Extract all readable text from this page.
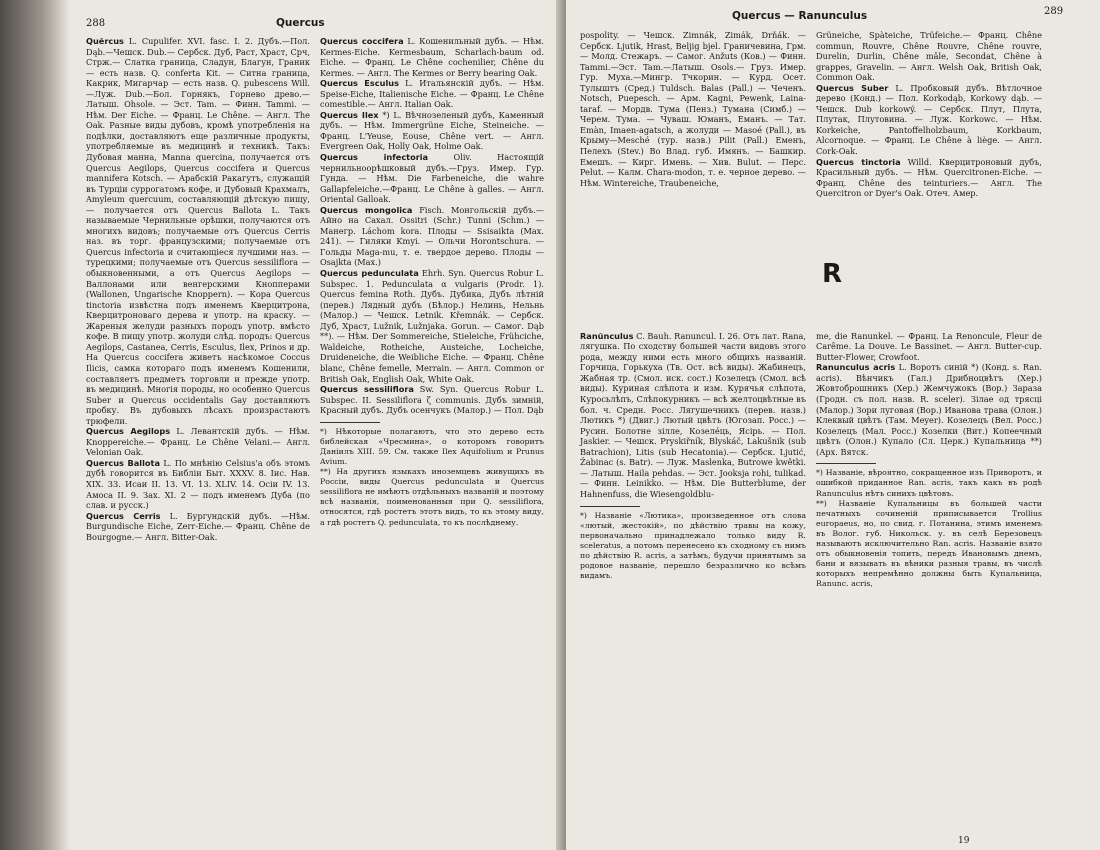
288	Quercus

Quĕrcus L. Cupulifer. XVI. fasc. I. 2. Дубъ.—Пол. Dąb.—Чешск. Dub.— Сербск. Дуб, Раст, Храст, Срч, Стрж.— Слатка граница, Сладун, Благун, Граник — есть назв. Q. conferta Kit. — Ситна граница, Какрик, Мигарчар — есть назв. Q. pubescens Will. —Луж. Dub.—Бол. Горнякъ, Горнево древо.— Латыш. Ohsole. — Эст. Tam. — Финн. Tammi. — Нѣм. Der Eiche. — Франц. Le Chêne. — Англ. The Oak. Разные виды дубовъ, кромѣ употребленія на подѣлки, доставляютъ еще различные продукты, употребляемые въ медицинѣ и техникѣ. Такъ: Дубовая манна, Manna quercina, получается отъ Quercus Aegilops, Quercus coccifera и Quercus mannifera Kotsch. — Арабскій Ракагутъ, служащій въ Турціи суррогатомъ кофе, и Дубовый Крахмалъ, Amyleum quercuum, составляющій дѣтскую пищу, — получается отъ Quercus Ballota L. Такъ называемые Чернильные орѣшки, получаются отъ многихъ видовъ; получаемые отъ Quercus Cerris наз. въ торг. французскими; получаемые отъ Quercus infectoria и считающiеся лучшими наз. — турецкими; получаемые отъ Quercus sessiliflora — обыкновенными, а отъ Quercus Aegilops — Валлонами или венгерскими Кнопперами (Wallonen, Ungarische Knoppern). — Кора Quercus tinctoria извѣстна подъ именемъ Кверцитрона, Кверцитроноваго дерева и употр. на краску. — Жареныя желуди разныхъ породъ употр. вмѣсто кофе. В пищу употр. жолуди слѣд. породъ: Quercus Aegilops, Castanea, Cerris, Esculus, Ilex, Prinos и др. На Quercus coccifera живетъ насѣкомое Coccus Ilicis, самка котораго подъ именемъ Кошенили, составляетъ предметъ торговли и прежде употр. въ медицинѣ. Многія породы, но особенно Quercus Suber и Quercus occidentalis Gay доставляютъ пробку. Въ дубовыхъ лѣсахъ произрастаютъ трюфели.

Quercus Aegilops L. Левантскій дубъ. — Нѣм. Knoppereiche.— Франц. Le Chêne Velani.— Англ. Velonian Oak.

Quercus Ballota L. По мнѣнію Celsius'a объ этомъ дубѣ говорится въ Библіи Быт. XXXV. 8. Iис. Нав. XIX. 33. Исаи II. 13. VI. 13. XLIV. 14. Осіи IV. 13. Амоса II. 9. Зах. XI. 2 — подъ именемъ Дуба (по слав. и русск.)

Quercus Cerris L. Бургундскій дубъ. —Нѣм. Burgundische Eiche, Zerr-Eiche.— Франц. Chêne de Bourgogne.— Англ. Bitter-Oak.

Quercus coccifera L. Кошенильный дубъ. — Нѣм. Kermes-Eiche. Kermesbaum, Scharlach-baum od. Eiche. — Франц. Le Chêne cochenilier, Chêne du Kermes. — Англ. The Kermes or Berry bearing Oak.

Quercus Esculus L. Итальянскій дубъ. — Нѣм. Speise-Eiche, Italienische Eiche. — Франц. Le Chêne comestible.— Англ. Italian Oak.

Quercus Ilex *) L. Вѣчнозеленый дубъ, Каменный дубъ. — Нѣм. Immergrüne Eiche, Steineiche. — Франц. L'Yeuse, Eouse, Chêne vert. — Англ. Evergreen Oak, Holly Oak, Holme Oak.

Quercus infectoria	Oliv. Настоящій чернильноорѣшковый дубъ.—Груз. Имер. Гур. Гунда. — Нѣм. Die Farbeneiche, die wahre Gallapfeleiche.—Франц. Le Chêne à galles. — Англ. Oriental Galloak.

Quercus mongolica Fisch. Монгольскій дубъ.— Айно на Сахал. Ossitri (Schr.) Tunni (Schm.) — Манегр. Láchom kora. Плоды — Ssisaikta (Max. 241). — Гиляки Kmyi. — Ольчи Horontschura. — Гольды Maga-mu, т. е. твердое дерево. Плоды — Osajkta (Max.)

Quercus pedunculata Ehrh. Syn. Quercus Robur L. Subspec. 1. Pedunculata α vulgaris (Prodr. 1). Quercus femina Roth. Дубъ. Дубика, Дубъ лѣтній (перев.) Лядный дубъ (Бѣлор.) Нелинь, Нельнь (Малор.) — Чешск. Letnik. Křemnák. — Сербск. Дуб, Храст, Lužnik, Lužnjaka. Gorun. — Самог. Dąb **). — Нѣм. Der Sommereiche, Stieleiche, Frühciche, Waldeiche, Rotheiche, Austeiche, Locheiche, Druideneiche, die Weibliche Eiche. — Франц. Chêne blanc, Chêne femelle, Merrain. — Англ. Common or British Oak, English Oak, White Oak.

Quercus sessiliflora Sw. Syn. Quercus Robur L. Subspec. II. Sessiliflora ζ communis. Дубъ зимній, Красный дубъ. Дубъ осенчукъ (Малор.) — Пол. Dąb

*) Нѣкоторые полагаютъ, что это дерево есть библейская «Чресмина», о которомъ говоритъ Даніилъ XIII. 59. См. также Ilex Aquifolium и Prunus Avium.

**) На другихъ языкахъ иноземцевъ живущихъ въ Россіи, виды Quercus pedunculata и Quercus sessiliflora не имѣютъ отдѣльныхъ названій и поэтому всѣ названія, поименованныя при Q. sessiliflora, относятся, гдѣ ростетъ этотъ видъ, то къ этому виду, а гдѣ ростетъ Q. pedunculata, то къ послѣднему.

Quercus — Ranunculus	289

pospolity. — Чешск. Zimnák, Zimák, Drňák. — Сербск. Ljutik, Hrast, Beljig bjel. Граничевина, Грм. — Молд. Стежаръ. — Самог. Anžuts (Ков.) — Финн. Tammi.—Эст. Tam.—Латыш. Osols.— Груз. Имер. Гур. Муха.—Мингр. Тчкорин. — Курд. Осет. Тулыштъ (Cpeд.) Tuldsch. Balas (Pall.) — Чеченъ. Notsch, Puepesch. — Арм. Kagni, Pewenk, Lainа-taraf. — Мордв. Тума (Пенз.) Туманa (Симб.) — Черем. Тума. — Чуваш. Юманъ, Еманъ. — Тат. Еmàn, Imaen-agatsch, а жолуди — Masoé (Pall.), въ Крыму—Mesché (тур. назв.) Pilit (Pall.) Еменъ, Пелехъ (Stev.) Во Влад. губ. Имянъ. — Башкир. Емешъ. — Кирг. Имень. — Хив. Bulut. — Перс. Pelut. — Калм. Chara-modon, т. е. черное дерево. — Нѣм. Wintereiche, Traubeneiche,

Grüneiche, Spàteiche, Trüfeiche.— Франц. Chêne commun, Rouvre, Chêne Rouvre, Chêne rouvre, Durelin, Durlin, Chêne mâle, Secondat, Chêne à grappes, Gravelin. — Англ. Welsh Oak, British Oak, Common Oak.

Quercus Suber L. Пробковый дубъ. Вѣтлочное дерево (Конд.) — Пол. Korkodąb, Korkowy dąb. — Чешск. Dub korkowý. — Сербск. Плут, Плута, Плутак, Плутовина. — Луж. Korkowc. — Нѣм. Korkeiche, Pantoffelholzbaum, Korkbaum, Alcornoque. — Франц. Le Chêne à liège. — Англ. Cork-Oak.

Quercus tinctoria Willd. Кверцитроновый дубъ, Красильный дубъ. — Нѣм. Quercitronen-Eiche. — Франц. Chêne des teinturiers.— Англ. The Quercitron or Dyer's Oak. Отеч. Амер.

R

Ranŭnculus C. Bauh. Ranuncul. I. 26. Отъ лат. Rana, лягушка. По сходству большей части видовъ этого рода, между ними есть много общихъ названій. Горчица, Горькуха (Тв. Ост. всѣ виды). Жабинецъ, Жабная тр. (Смол. иск. сост.) Козелецъ (Смол. всѣ виды). Куриная слѣпота и изм. Курячья слѣпота, Куросьлѣпъ, Слѣпокурникъ — всѣ желтоцвѣтные въ бол. ч. Средн. Росс. Лягушечникъ (перев. назв.) Лютикъ *) (Двиг.) Лютый цвѣтъ (Югозап. Росс.) — Русин. Болотне зiлле, Козелéць, Ясiрь. — Пол. Jaskier. — Чешск. Pryskiřník, Blyskáč, Lakušnik (sub Batrachion), Litis (sub Hecatonia).— Сербск. Ljutić, Žabinac (s. Batr). — Луж. Maslenka, Butrowe kwětki. — Латыш. Haila pehdas. — Эст. Jooksja rohi, tulikad. — Финн. Leinikko. — Нѣм. Die Butterblume, der Hahnenfuss, die Wiesengoldblu-

*) Названіе «Лютика», произведенное отъ слова «лютый, жестокій», по дѣйствію травы на кожу, первоначально принадлежало только виду R. sceleratus, а потомъ перенесено къ сходному съ нимъ по дѣйствію R. acris, а затѣмъ, будучи принятымъ за родовое названіе, перешло безразлично ко всѣмъ видамъ.

me, die Ranunkel. — Франц. La Renoncule, Fleur de Carême. La Douve. Le Bassinet. — Англ. Butter-cup. Butter-Flower, Crowfoot.

Ranunculus acris L. Воротъ синій *) (Конд. s. Ran. acris). Вѣнчикъ (Гал.) Дрибноцвѣтъ (Хер.) Жовтоброшникъ (Хер.) Жемчужокъ (Вор.) Зараза (Гродн. съ пол. назв. R. sceler). Зілае од трясці (Малор.) Зори луговая (Вор.) Иванова трава (Олон.) Клеквый цвѣтъ (Там. Meyer). Козелецъ (Вел. Росс.) Козелецъ (Мал. Росс.) Козелки (Вит.) Копеечный цвѣтъ (Олон.) Купало (Сл. Церк.) Купальница **) (Арх. Вятск.

*) Названіе, вѣроятно, сокращенное изъ Приворотъ, и ошибкой приданное Ran. acris, такъ какъ въ родѣ Ranunculus нѣтъ синихъ цвѣтовъ.

**) Названіе Купальницы въ большей части печатныхъ сочиненій приписывается Trollius europaeus, но, по свид. г. Потанина, этимъ именемъ въ Волог. губ. Никольск. у. въ селѣ Березовецъ называютъ исключительно Ran. acris. Названіе взято отъ обыкновенія топить, передъ Ивановымъ днемъ, бани и вязывать въ вѣники разныя травы, въ числѣ которыхъ непремѣнно должны быть Купальница, Ranunc. acris,

19
